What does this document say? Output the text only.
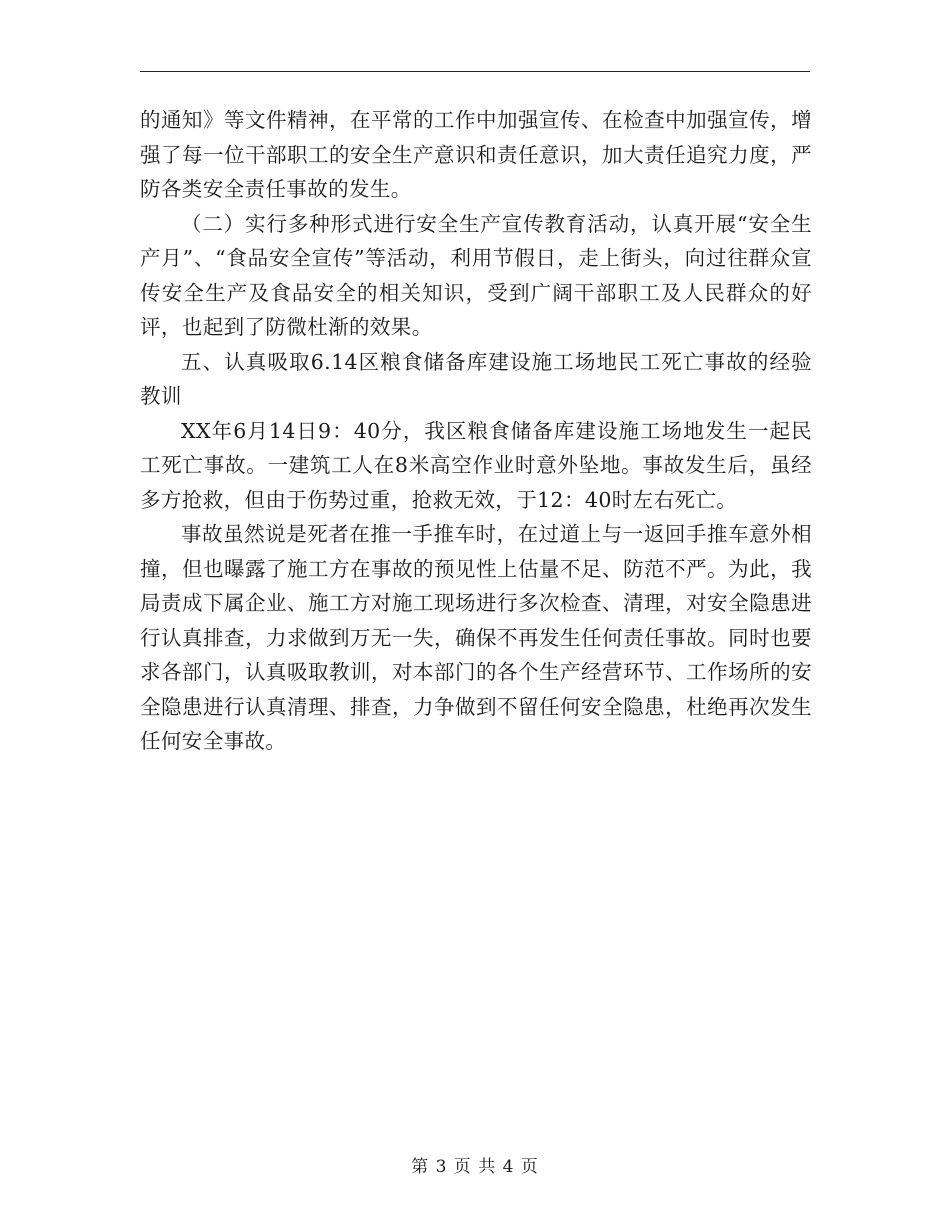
的通知》等文件精神，在平常的工作中加强宣传、在检查中加强宣传，增强了每一位干部职工的安全生产意识和责任意识，加大责任追究力度，严防各类安全责任事故的发生。

（二）实行多种形式进行安全生产宣传教育活动，认真开展“安全生产月”、“食品安全宣传”等活动，利用节假日，走上街头，向过往群众宣传安全生产及食品安全的相关知识，受到广阔干部职工及人民群众的好评，也起到了防微杜渐的效果。

五、认真吸取6.14区粮食储备库建设施工场地民工死亡事故的经验教训

XX年6月14日9：40分，我区粮食储备库建设施工场地发生一起民工死亡事故。一建筑工人在8米高空作业时意外坠地。事故发生后，虽经多方抢救，但由于伤势过重，抢救无效，于12：40时左右死亡。

事故虽然说是死者在推一手推车时，在过道上与一返回手推车意外相撞，但也曝露了施工方在事故的预见性上估量不足、防范不严。为此，我局责成下属企业、施工方对施工现场进行多次检查、清理，对安全隐患进行认真排查，力求做到万无一失，确保不再发生任何责任事故。同时也要求各部门，认真吸取教训，对本部门的各个生产经营环节、工作场所的安全隐患进行认真清理、排查，力争做到不留任何安全隐患，杜绝再次发生任何安全事故。

第 3 页 共 4 页
